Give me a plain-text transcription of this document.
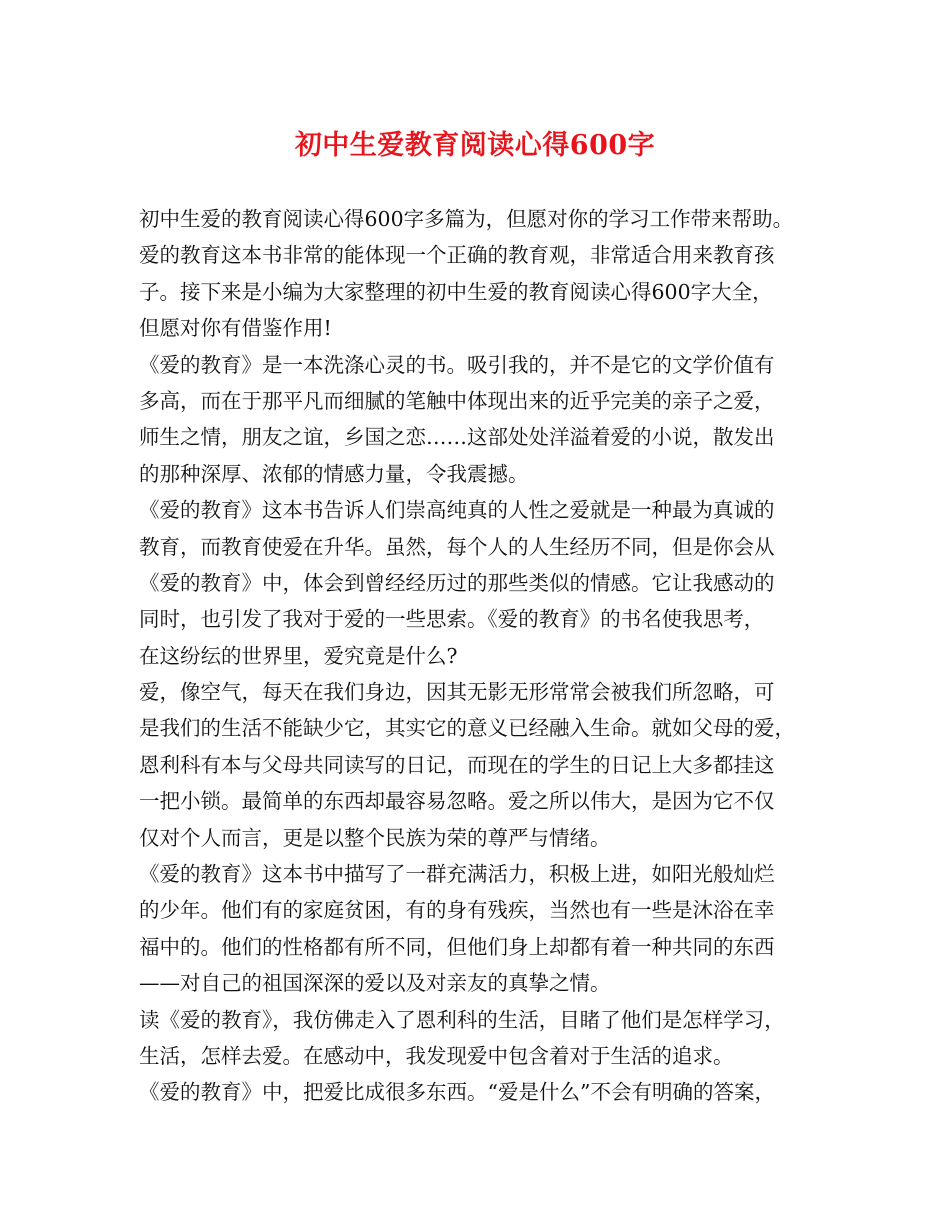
初中生爱教育阅读心得600字
初中生爱的教育阅读心得600字多篇为，但愿对你的学习工作带来帮助。
爱的教育这本书非常的能体现一个正确的教育观，非常适合用来教育孩
子。接下来是小编为大家整理的初中生爱的教育阅读心得600字大全，
但愿对你有借鉴作用!
《爱的教育》是一本洗涤心灵的书。吸引我的，并不是它的文学价值有
多高，而在于那平凡而细腻的笔触中体现出来的近乎完美的亲子之爱，
师生之情，朋友之谊，乡国之恋……这部处处洋溢着爱的小说，散发出
的那种深厚、浓郁的情感力量，令我震撼。
《爱的教育》这本书告诉人们崇高纯真的人性之爱就是一种最为真诚的
教育，而教育使爱在升华。虽然，每个人的人生经历不同，但是你会从
《爱的教育》中，体会到曾经经历过的那些类似的情感。它让我感动的
同时，也引发了我对于爱的一些思索。《爱的教育》的书名使我思考，
在这纷纭的世界里，爱究竟是什么?
爱，像空气，每天在我们身边，因其无影无形常常会被我们所忽略，可
是我们的生活不能缺少它，其实它的意义已经融入生命。就如父母的爱，
恩利科有本与父母共同读写的日记，而现在的学生的日记上大多都挂这
一把小锁。最简单的东西却最容易忽略。爱之所以伟大，是因为它不仅
仅对个人而言，更是以整个民族为荣的尊严与情绪。
《爱的教育》这本书中描写了一群充满活力，积极上进，如阳光般灿烂
的少年。他们有的家庭贫困，有的身有残疾，当然也有一些是沐浴在幸
福中的。他们的性格都有所不同，但他们身上却都有着一种共同的东西
——对自己的祖国深深的爱以及对亲友的真挚之情。
读《爱的教育》，我仿佛走入了恩利科的生活，目睹了他们是怎样学习，
生活，怎样去爱。在感动中，我发现爱中包含着对于生活的追求。
《爱的教育》中，把爱比成很多东西。“爱是什么”不会有明确的答案，
